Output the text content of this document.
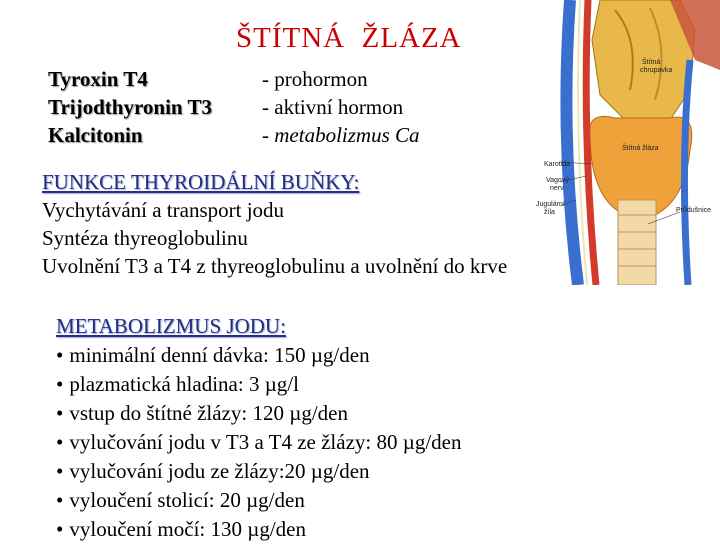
ŠTÍTNÁ  ŽLÁZA
Tyroxin T4
Trijodthyronin T3
Kalcitonin
- prohormon
- aktivní hormon
- metabolizmus Ca
FUNKCE THYROIDÁLNÍ BUŇKY:
Vychytávání a transport jodu
Syntéza thyreoglobulinu
Uvolnění T3 a T4 z thyreoglobulinu a uvolnění do krve
METABOLIZMUS JODU:
• minimální denní dávka: 150 µg/den
• plazmatická hladina: 3 µg/l
• vstup do štítné žlázy: 120 µg/den
• vylučování jodu v T3 a T4 ze žlázy: 80 µg/den
• vylučování jodu ze žlázy:20 µg/den
• vyloučení stolicí: 20 µg/den
• vyloučení močí: 130 µg/den
Štítná
chrupavka
Štítná žláza
Karotida
Vagový
nerv
Jugulární
žíla	Průdušnice
